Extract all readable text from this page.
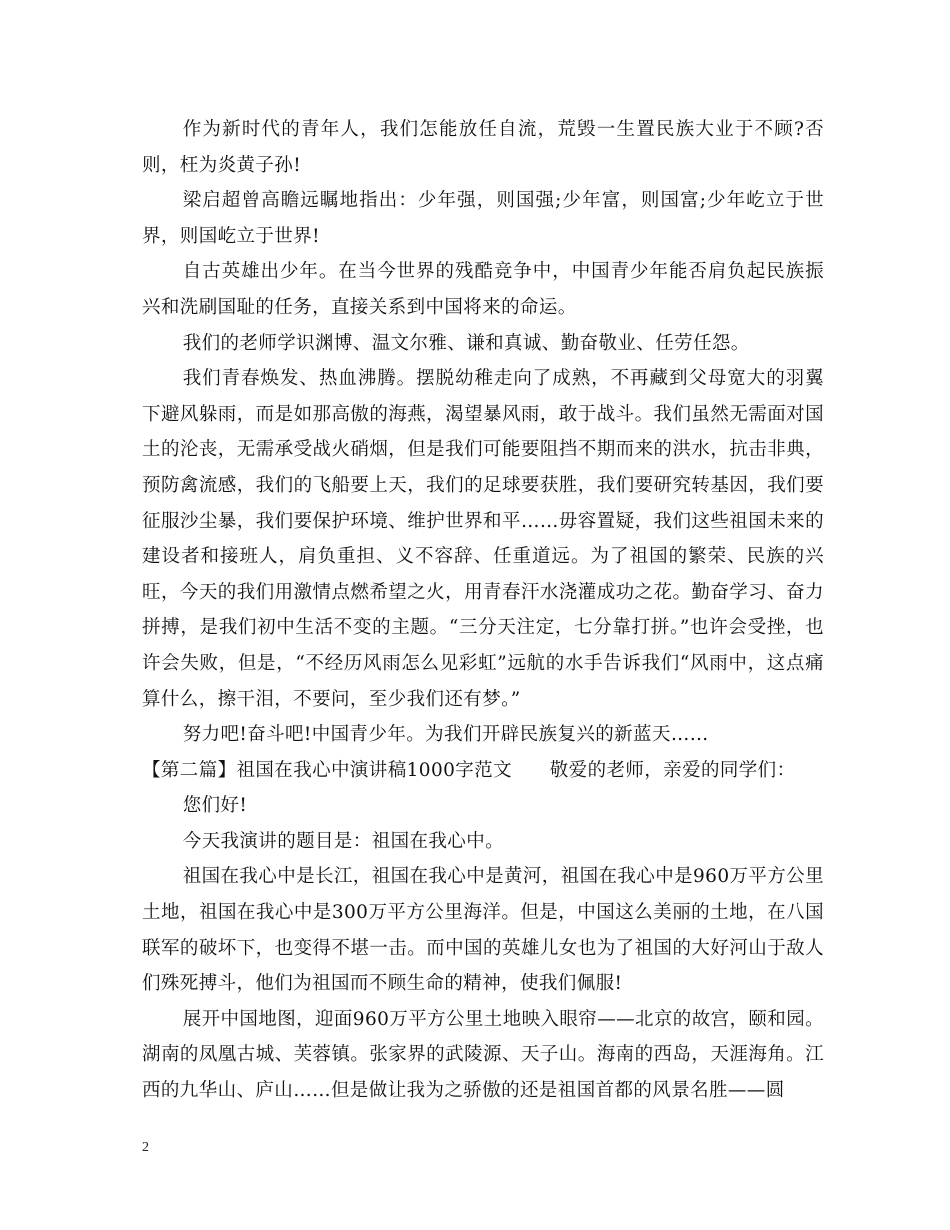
作为新时代的青年人，我们怎能放任自流，荒毁一生置民族大业于不顾?否则，枉为炎黄子孙!

梁启超曾高瞻远瞩地指出：少年强，则国强;少年富，则国富;少年屹立于世界，则国屹立于世界!

自古英雄出少年。在当今世界的残酷竞争中，中国青少年能否肩负起民族振兴和洗刷国耻的任务，直接关系到中国将来的命运。

我们的老师学识渊博、温文尔雅、谦和真诚、勤奋敬业、任劳任怨。

我们青春焕发、热血沸腾。摆脱幼稚走向了成熟，不再藏到父母宽大的羽翼下避风躲雨，而是如那高傲的海燕，渴望暴风雨，敢于战斗。我们虽然无需面对国土的沦丧，无需承受战火硝烟，但是我们可能要阻挡不期而来的洪水，抗击非典，预防禽流感，我们的飞船要上天，我们的足球要获胜，我们要研究转基因，我们要征服沙尘暴，我们要保护环境、维护世界和平……毋容置疑，我们这些祖国未来的建设者和接班人，肩负重担、义不容辞、任重道远。为了祖国的繁荣、民族的兴旺，今天的我们用激情点燃希望之火，用青春汗水浇灌成功之花。勤奋学习、奋力拼搏，是我们初中生活不变的主题。“三分天注定，七分靠打拼。”也许会受挫，也许会失败，但是，“不经历风雨怎么见彩虹”远航的水手告诉我们“风雨中，这点痛算什么，擦干泪，不要问，至少我们还有梦。”

努力吧!奋斗吧!中国青少年。为我们开辟民族复兴的新蓝天……

【第二篇】祖国在我心中演讲稿1000字范文　　敬爱的老师，亲爱的同学们：

您们好!

今天我演讲的题目是：祖国在我心中。

祖国在我心中是长江，祖国在我心中是黄河，祖国在我心中是960万平方公里土地，祖国在我心中是300万平方公里海洋。但是，中国这么美丽的土地，在八国联军的破坏下，也变得不堪一击。而中国的英雄儿女也为了祖国的大好河山于敌人们殊死搏斗，他们为祖国而不顾生命的精神，使我们佩服!

展开中国地图，迎面960万平方公里土地映入眼帘——北京的故宫，颐和园。湖南的凤凰古城、芙蓉镇。张家界的武陵源、天子山。海南的西岛，天涯海角。江西的九华山、庐山……但是做让我为之骄傲的还是祖国首都的风景名胜——圆

2
